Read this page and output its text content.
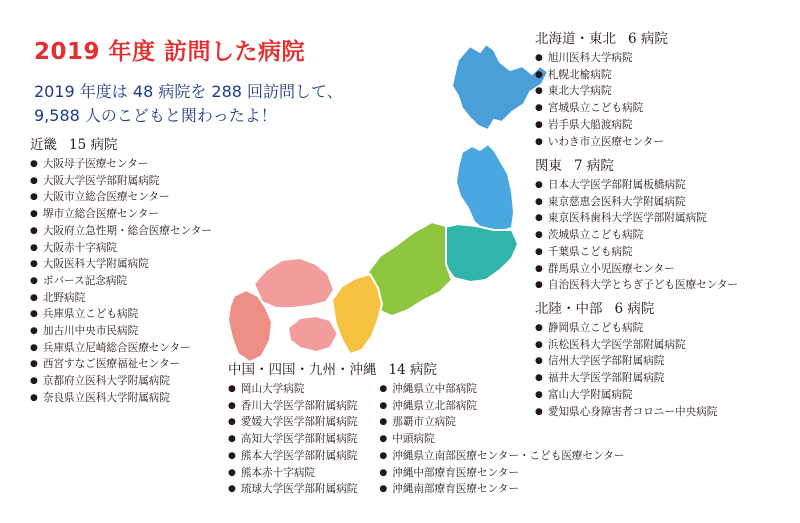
2019 年度 訪問した病院

2019 年度は 48 病院を 288 回訪問して、
9,588 人のこどもと関わったよ！

近畿 15 病院
● 大阪母子医療センター
● 大阪大学医学部附属病院
● 大阪市立総合医療センター
● 堺市立総合医療センター
● 大阪府立急性期・総合医療センター
● 大阪赤十字病院
● 大阪医科大学附属病院
● ボバース記念病院
● 北野病院
● 兵庫県立こども病院
● 加古川中央市民病院
● 兵庫県立尼崎総合医療センター
● 西宮すなご医療福祉センター
● 京都府立医科大学附属病院
● 奈良県立医科大学附属病院
北海道・東北 6 病院
● 旭川医科大学病院
● 札幌北楡病院
● 東北大学病院
● 宮城県立こども病院
● 岩手県大船渡病院
● いわき市立医療センター
関東 7 病院
● 日本大学医学部附属板橋病院
● 東京慈恵会医科大学附属病院
● 東京医科歯科大学医学部附属病院
● 茨城県立こども病院
● 千葉県こども病院
● 群馬県立小児医療センター
● 自治医科大学とちぎ子ども医療センター
北陸・中部 6 病院
● 静岡県立こども病院
● 浜松医科大学医学部附属病院
● 信州大学医学部附属病院
● 福井大学医学部附属病院
● 富山大学附属病院
● 愛知県心身障害者コロニー中央病院
中国・四国・九州・沖縄 14 病院
● 岡山大学病院
● 香川大学医学部附属病院
● 愛媛大学医学部附属病院
● 高知大学医学部附属病院
● 熊本大学医学部附属病院
● 熊本赤十字病院
● 琉球大学医学部附属病院
● 沖縄県立中部病院
● 沖縄県立北部病院
● 那覇市立病院
● 中頭病院
● 沖縄県立南部医療センター・こども医療センター
● 沖縄中部療育医療センター
● 沖縄南部療育医療センター
